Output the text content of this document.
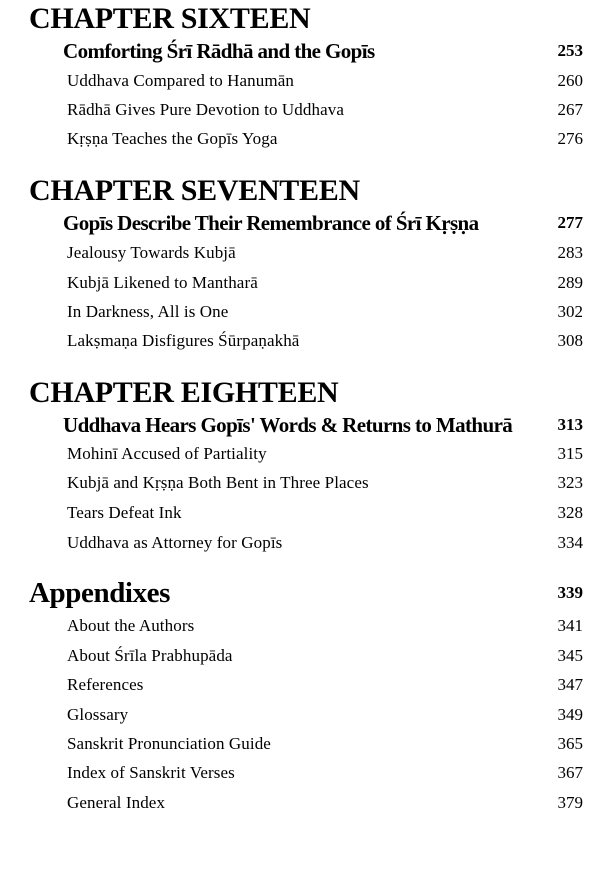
CHAPTER SIXTEEN
Comforting Śrī Rādhā and the Gopīs	253
Uddhava Compared to Hanumān	260
Rādhā Gives Pure Devotion to Uddhava	267
Kṛṣṇa Teaches the Gopīs Yoga	276
CHAPTER SEVENTEEN
Gopīs Describe Their Remembrance of Śrī Kṛṣṇa	277
Jealousy Towards Kubjā	283
Kubjā Likened to Mantharā	289
In Darkness, All is One	302
Lakṣmaṇa Disfigures Śūrpaṇakhā	308
CHAPTER EIGHTEEN
Uddhava Hears Gopīs' Words & Returns to Mathurā	313
Mohinī Accused of Partiality	315
Kubjā and Kṛṣṇa Both Bent in Three Places	323
Tears Defeat Ink	328
Uddhava as Attorney for Gopīs	334
Appendixes	339
About the Authors	341
About Śrīla Prabhupāda	345
References	347
Glossary	349
Sanskrit Pronunciation Guide	365
Index of Sanskrit Verses	367
General Index	379
